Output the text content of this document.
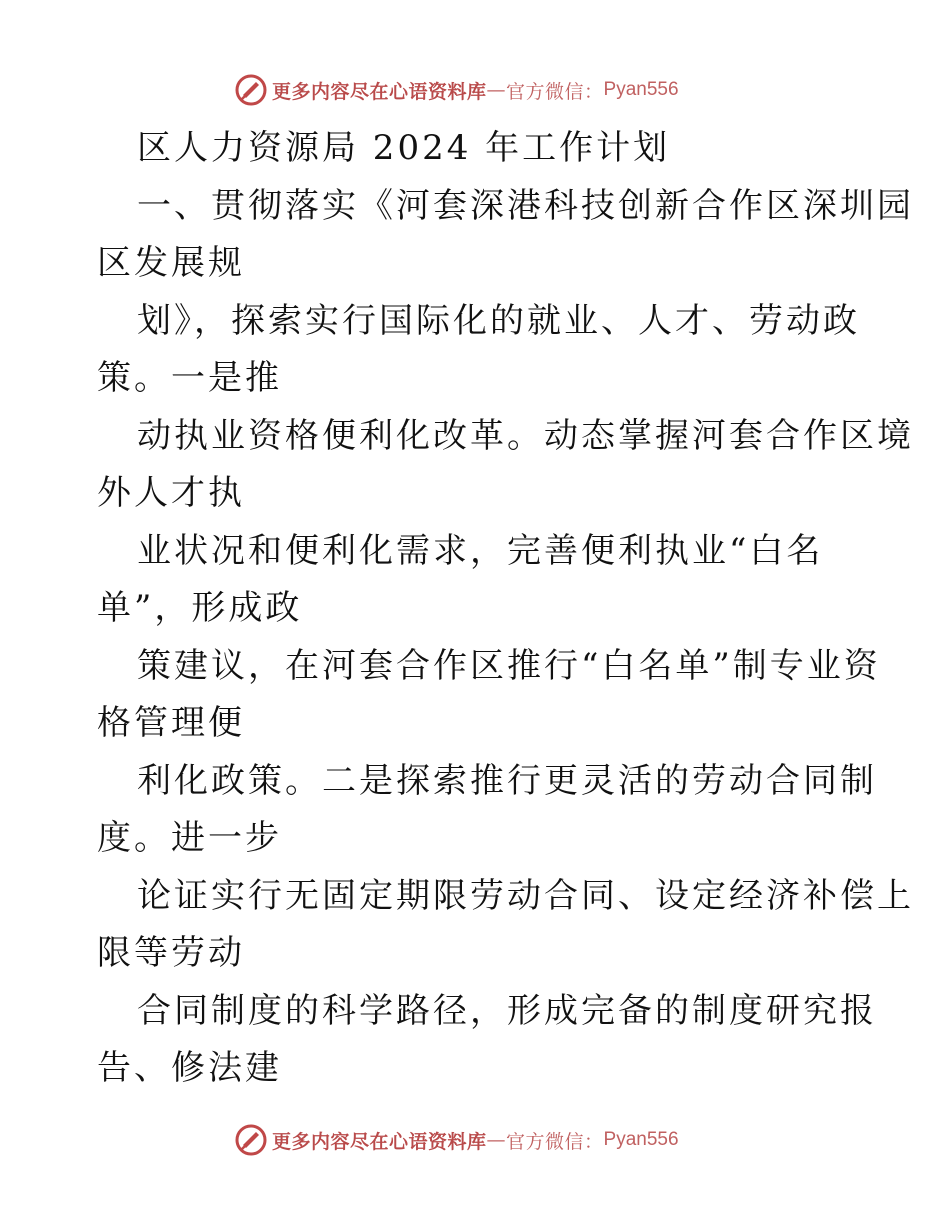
更多内容尽在心语资料库 — 官方微信： Pyan556
区人力资源局 2024 年工作计划
一、贯彻落实《河套深港科技创新合作区深圳园
区发展规
划》，探索实行国际化的就业、人才、劳动政
策。一是推
动执业资格便利化改革。动态掌握河套合作区境
外人才执
业状况和便利化需求，完善便利执业“白名
单”，形成政
策建议，在河套合作区推行“白名单”制专业资
格管理便
利化政策。二是探索推行更灵活的劳动合同制
度。进一步
论证实行无固定期限劳动合同、设定经济补偿上
限等劳动
合同制度的科学路径，形成完备的制度研究报
告、修法建
更多内容尽在心语资料库 — 官方微信： Pyan556
